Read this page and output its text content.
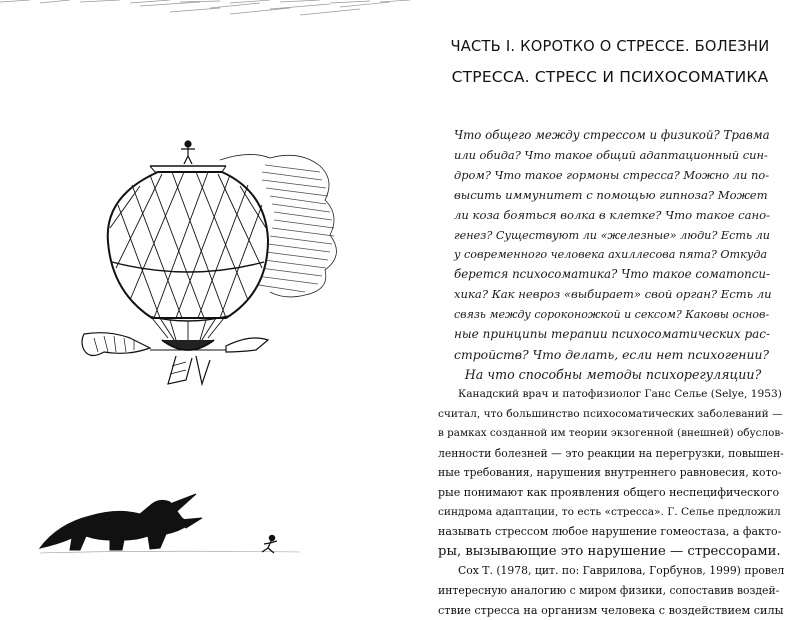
ЧАСТЬ I. КОРОТКО О СТРЕССЕ. БОЛЕЗНИ
СТРЕССА. СТРЕСС И ПСИХОСОМАТИКА
Что общего между стрессом и физикой? Травма
или обида? Что такое общий адаптационный син-
дром? Что такое гормоны стресса? Можно ли по-
высить иммунитет с помощью гипноза? Может
ли коза бояться волка в клетке? Что такое сано-
генез? Существуют ли «железные» люди? Есть ли
у современного человека ахиллесова пята? Откуда
берется психосоматика? Что такое соматопси-
хика? Как невроз «выбирает» свой орган? Есть ли
связь между сороконожкой и сексом? Каковы основ-
ные принципы терапии психосоматических рас-
стройств? Что делать, если нет психогении?
На что способны методы психорегуляции?
Канадский врач и патофизиолог Ганс Селье (Selye, 1953)
считал, что большинство психосоматических заболеваний —
в рамках созданной им теории экзогенной (внешней) обуслов-
ленности болезней — это реакции на перегрузки, повышен-
ные требования, нарушения внутреннего равновесия, кото-
рые понимают как проявления общего неспецифического
синдрома адаптации, то есть «стресса». Г. Селье предложил
называть стрессом любое нарушение гомеостаза, а факто-
ры, вызывающие это нарушение — стрессорами.
Сох Т. (1978, цит. по: Гаврилова, Горбунов, 1999) провел
интересную аналогию с миром физики, сопоставив воздей-
ствие стресса на организм человека с воздействием силы
